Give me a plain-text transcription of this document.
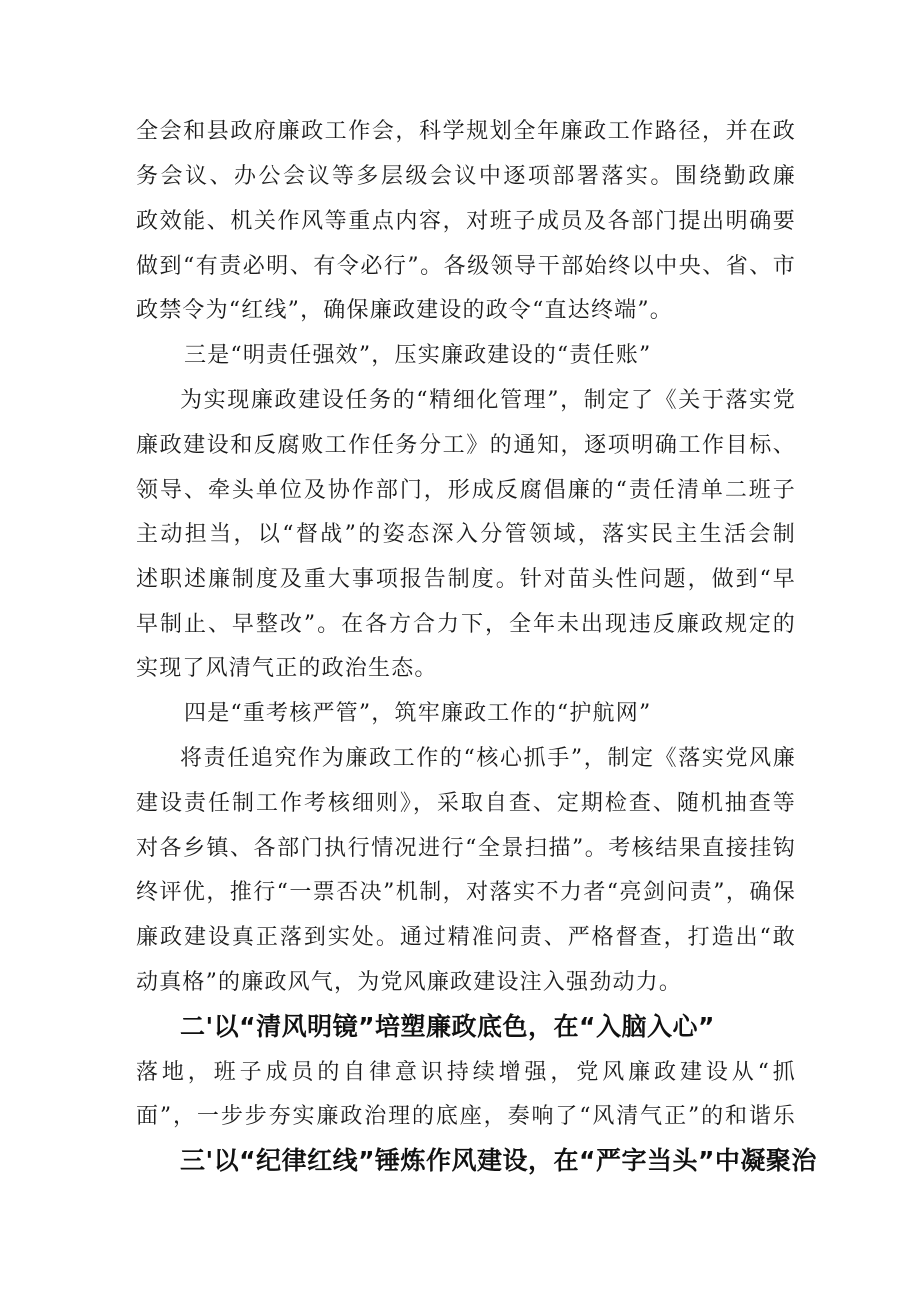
全会和县政府廉政工作会，科学规划全年廉政工作路径，并在政
务会议、办公会议等多层级会议中逐项部署落实。围绕勤政廉
政效能、机关作风等重点内容，对班子成员及各部门提出明确要
做到“有责必明、有令必行”。各级领导干部始终以中央、省、市
政禁令为“红线”，确保廉政建设的政令“直达终端”。
三是“明责任强效”，压实廉政建设的“责任账”
为实现廉政建设任务的“精细化管理”，制定了《关于落实党
廉政建设和反腐败工作任务分工》的通知，逐项明确工作目标、
领导、牵头单位及协作部门，形成反腐倡廉的“责任清单二班子
主动担当，以“督战”的姿态深入分管领域，落实民主生活会制
述职述廉制度及重大事项报告制度。针对苗头性问题，做到“早
早制止、早整改”。在各方合力下，全年未出现违反廉政规定的
实现了风清气正的政治生态。
四是“重考核严管”，筑牢廉政工作的“护航网”
将责任追究作为廉政工作的“核心抓手”，制定《落实党风廉
建设责任制工作考核细则》，采取自查、定期检查、随机抽查等
对各乡镇、各部门执行情况进行“全景扫描”。考核结果直接挂钩
终评优，推行“一票否决”机制，对落实不力者“亮剑问责”，确保
廉政建设真正落到实处。通过精准问责、严格督查，打造出“敢
动真格”的廉政风气，为党风廉政建设注入强劲动力。
二'以“清风明镜”培塑廉政底色，在“入脑入心”
落地，班子成员的自律意识持续增强，党风廉政建设从“抓
面”，一步步夯实廉政治理的底座，奏响了“风清气正”的和谐乐
三'以“纪律红线”锤炼作风建设，在“严字当头”中凝聚治
